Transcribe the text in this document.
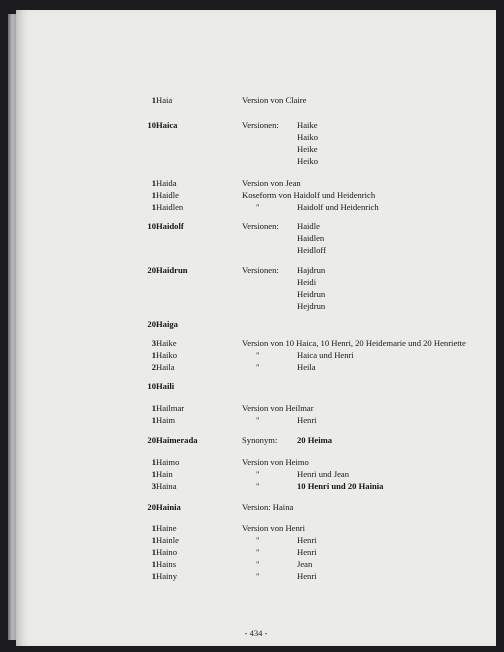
- 434 -
1 Haia	Version von Claire
10 Haica	Versionen: Haike
Haiko
Heike
Heiko
1 Haida	Version von Jean
1 Haidle	Koseform von Haidolf und Heidenrich
1 Haidlen	"	Haidolf und Heidenrich
10 Haidolf	Versionen: Haidle
Haidlen
Heidloff
20 Haidrun	Versionen: Hajdrun
Heidi
Heidrun
Hejdrun
20 Haiga
3 Haike	Version von 10 Haica, 10 Henri, 20 Heidemarie und 20 Henriette
1 Haiko	"	Haica und Henri
2 Haila	"	Heila
10 Haili
1 Hailmar	Version von Heilmar
1 Haim	"	Henri
20 Haimerada	Synonym: 20 Heima
1 Haimo	Version von Heimo
1 Hain	"	Henri und Jean
3 Haina	"	10 Henri und 20 Hainia
20 Hainia	Version: Haina
1 Haine	Version von Henri
1 Hainle	"	Henri
1 Haino	"	Henri
1 Hains	"	Jean
1 Hainy	"	Henri
